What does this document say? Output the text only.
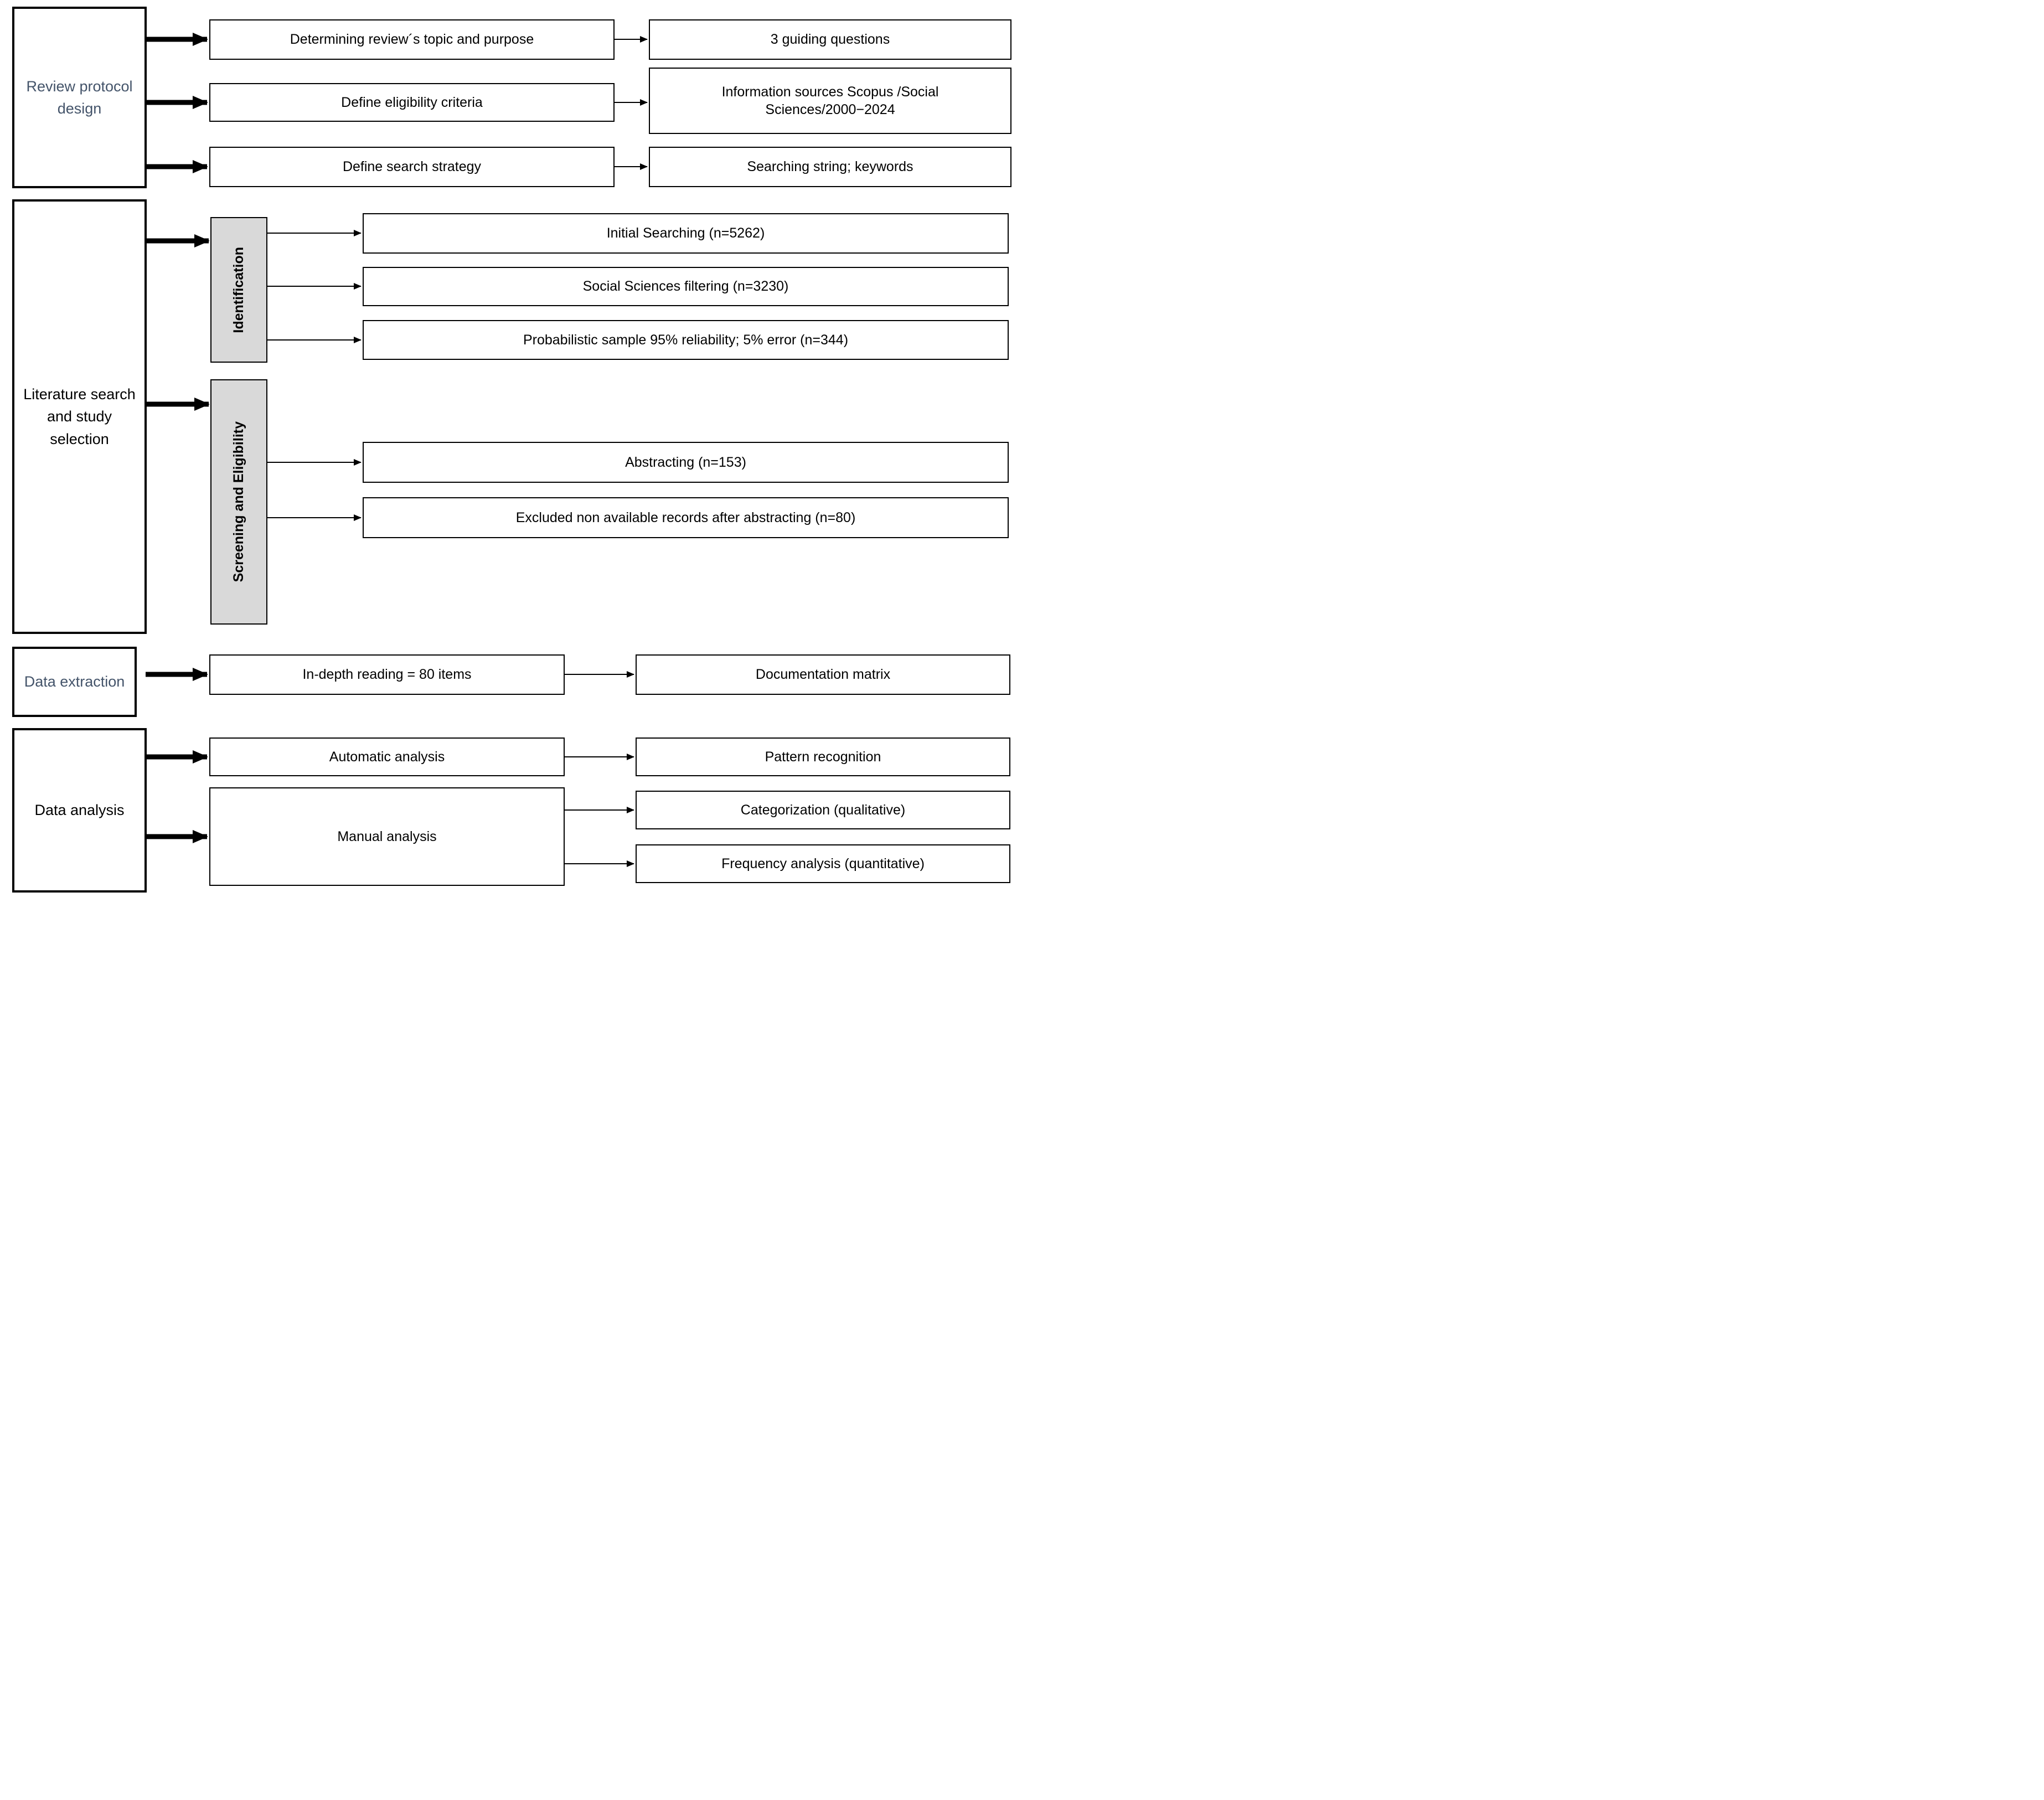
Review protocol design
Literature search and study selection
Data extraction
Data analysis
Determining review´s topic and purpose	3 guiding questions
Define eligibility criteria
Information sources Scopus /Social Sciences/2000−2024
Define search strategy	Searching string; keywords
Identification
Initial Searching (n=5262)
Social Sciences filtering (n=3230)
Probabilistic sample 95% reliability; 5% error (n=344)
Screening and Eligibility	Abstracting (n=153)
Excluded non available records after abstracting (n=80)
In-depth reading = 80 items	Documentation matrix
Automatic analysis	Pattern recognition
Manual analysis
Categorization (qualitative)
Frequency analysis (quantitative)
